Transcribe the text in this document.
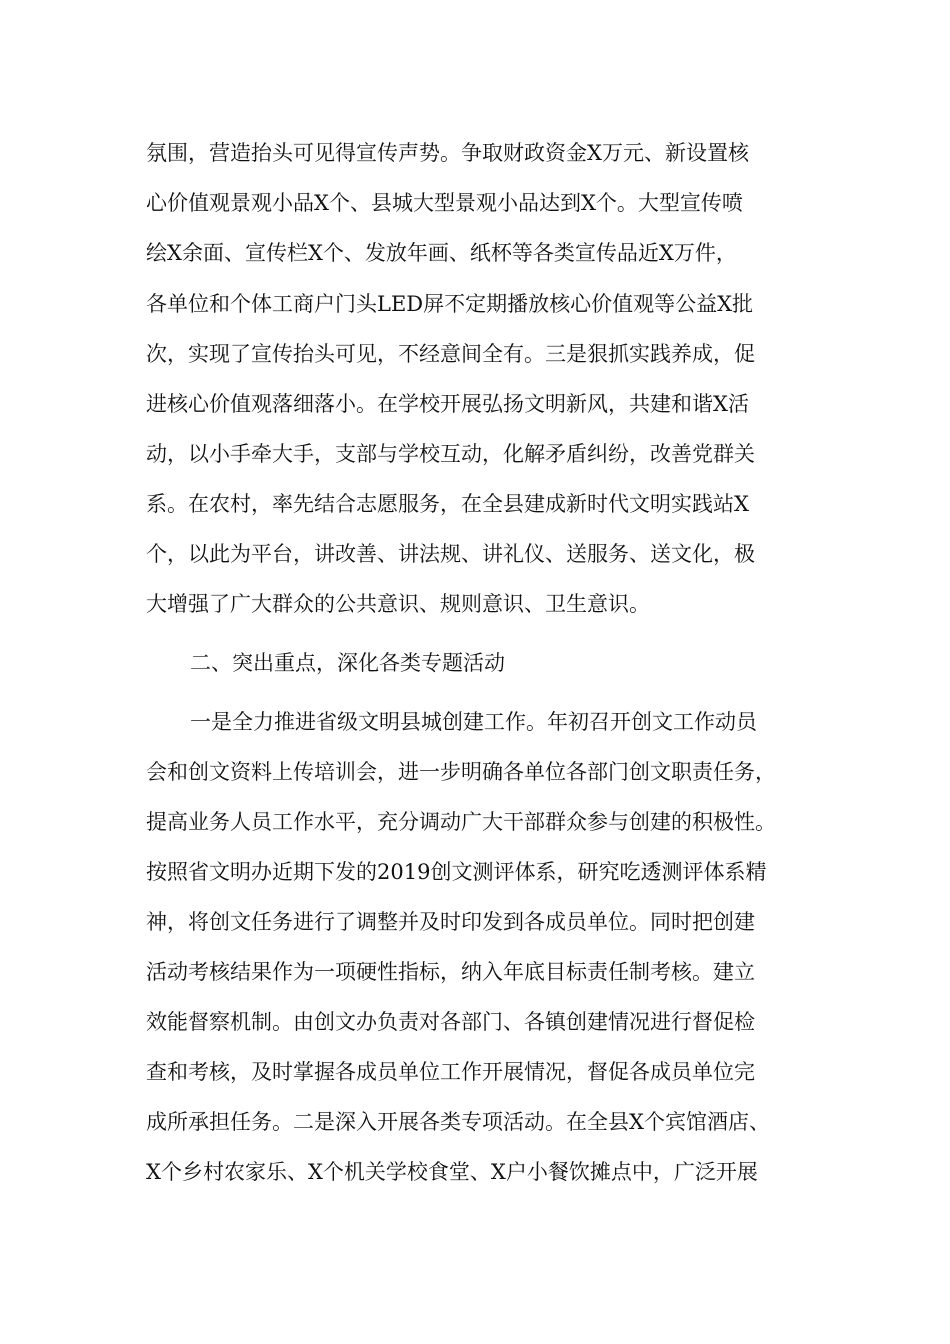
氛围，营造抬头可见得宣传声势。争取财政资金X万元、新设置核
心价值观景观小品X个、县城大型景观小品达到X个。大型宣传喷
绘X余面、宣传栏X个、发放年画、纸杯等各类宣传品近X万件，
各单位和个体工商户门头LED屏不定期播放核心价值观等公益X批
次，实现了宣传抬头可见，不经意间全有。三是狠抓实践养成，促
进核心价值观落细落小。在学校开展弘扬文明新风，共建和谐X活
动，以小手牵大手，支部与学校互动，化解矛盾纠纷，改善党群关
系。在农村，率先结合志愿服务，在全县建成新时代文明实践站X
个，以此为平台，讲改善、讲法规、讲礼仪、送服务、送文化，极
大增强了广大群众的公共意识、规则意识、卫生意识。
二、突出重点，深化各类专题活动
一是全力推进省级文明县城创建工作。年初召开创文工作动员
会和创文资料上传培训会，进一步明确各单位各部门创文职责任务，
提高业务人员工作水平，充分调动广大干部群众参与创建的积极性。
按照省文明办近期下发的2019创文测评体系，研究吃透测评体系精
神，将创文任务进行了调整并及时印发到各成员单位。同时把创建
活动考核结果作为一项硬性指标，纳入年底目标责任制考核。建立
效能督察机制。由创文办负责对各部门、各镇创建情况进行督促检
查和考核，及时掌握各成员单位工作开展情况，督促各成员单位完
成所承担任务。二是深入开展各类专项活动。在全县X个宾馆酒店、
X个乡村农家乐、X个机关学校食堂、X户小餐饮摊点中，广泛开展
